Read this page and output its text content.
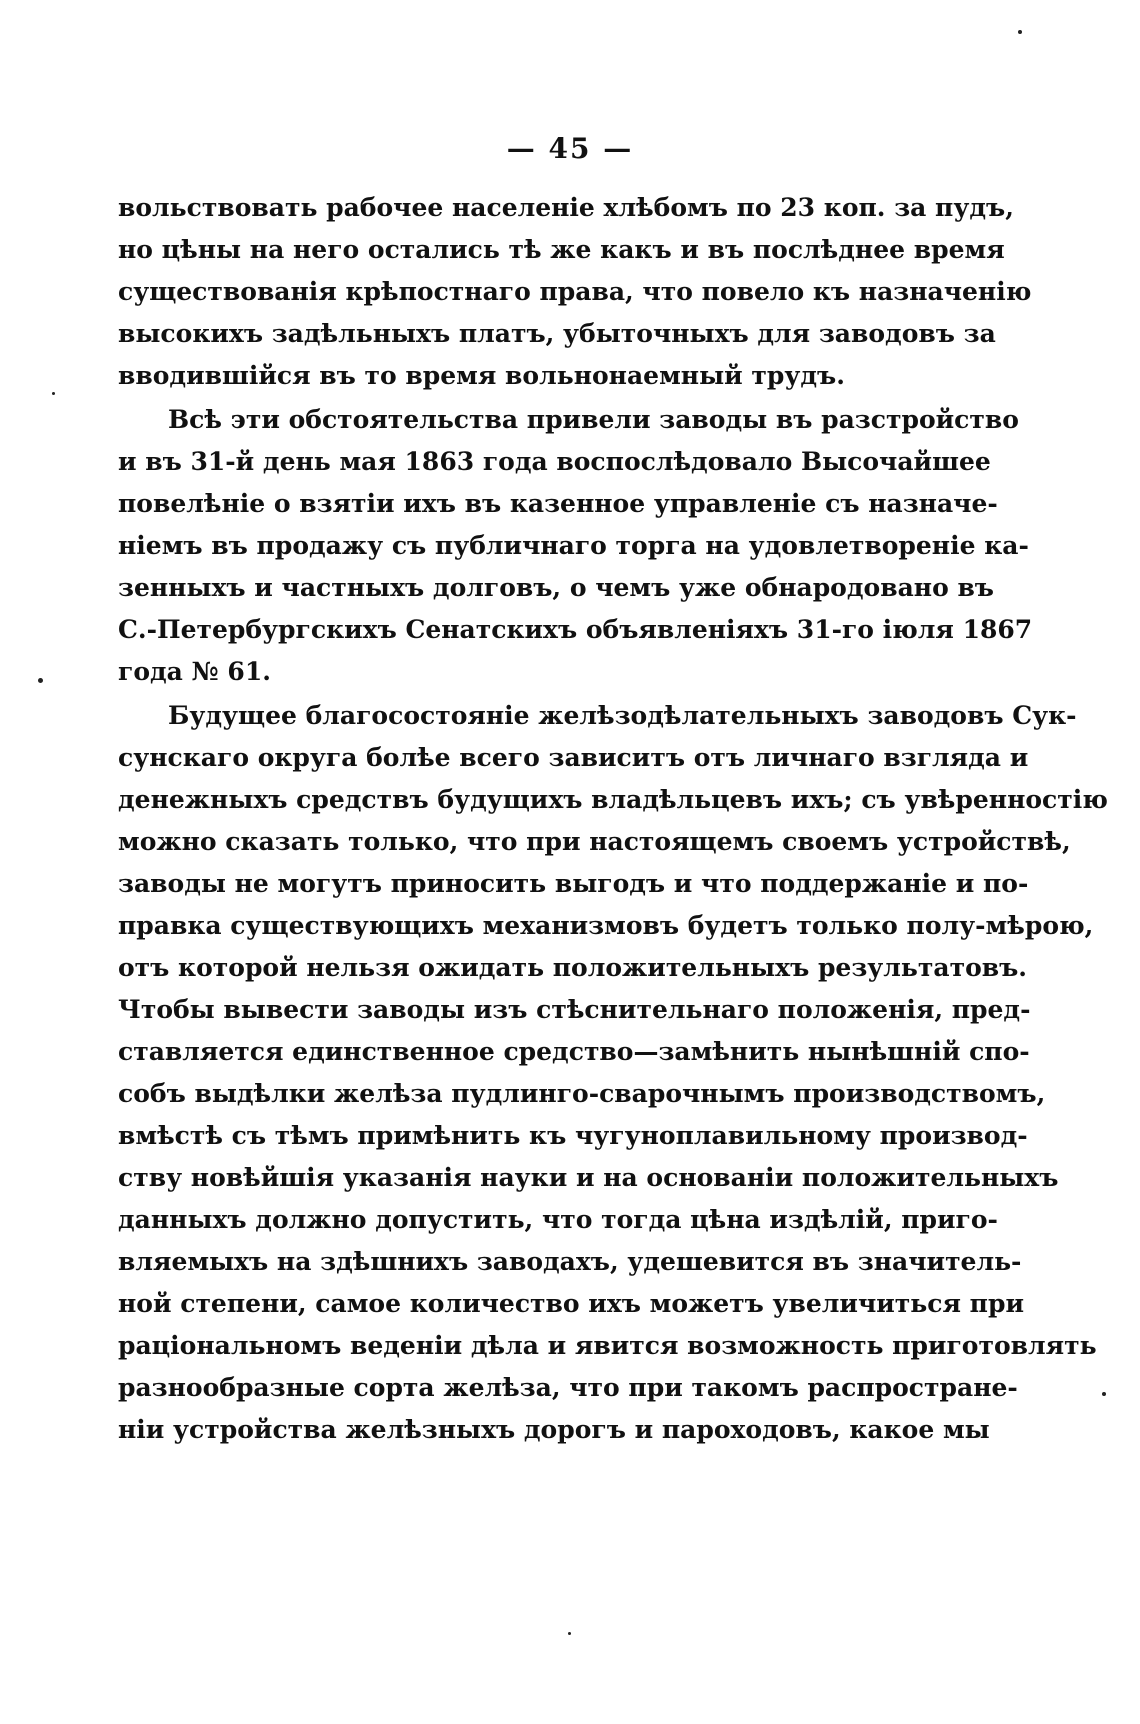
— 45 —
вольствовать рабочее населеніе хлѣбомъ по 23 коп. за пудъ,
но цѣны на него остались тѣ же какъ и въ послѣднее время
существованія крѣпостнаго права, что повело къ назначенію
высокихъ задѣльныхъ платъ, убыточныхъ для заводовъ за
вводившійся въ то время вольнонаемный трудъ.
Всѣ эти обстоятельства привели заводы въ разстройство
и въ 31-й день мая 1863 года воспослѣдовало Высочайшее
повелѣніе о взятіи ихъ въ казенное управленіе съ назначе-
ніемъ въ продажу съ публичнаго торга на удовлетвореніе ка-
зенныхъ и частныхъ долговъ, о чемъ уже обнародовано въ
С.-Петербургскихъ Сенатскихъ объявленіяхъ 31-го іюля 1867
года № 61.
Будущее благосостояніе желѣзодѣлательныхъ заводовъ Сук-
сунскаго округа болѣе всего зависитъ отъ личнаго взгляда и
денежныхъ средствъ будущихъ владѣльцевъ ихъ; съ увѣренностію
можно сказать только, что при настоящемъ своемъ устройствѣ,
заводы не могутъ приносить выгодъ и что поддержаніе и по-
правка существующихъ механизмовъ будетъ только полу-мѣрою,
отъ которой нельзя ожидать положительныхъ результатовъ.
Чтобы вывести заводы изъ стѣснительнаго положенія, пред-
ставляется единственное средство—замѣнить нынѣшній спо-
собъ выдѣлки желѣза пудлинго-сварочнымъ производствомъ,
вмѣстѣ съ тѣмъ примѣнить къ чугуноплавильному производ-
ству новѣйшія указанія науки и на основаніи положительныхъ
данныхъ должно допустить, что тогда цѣна издѣлій, приго-
вляемыхъ на здѣшнихъ заводахъ, удешевится въ значитель-
ной степени, самое количество ихъ можетъ увеличиться при
раціональномъ веденіи дѣла и явится возможность приготовлять
разнообразные сорта желѣза, что при такомъ распростране-
ніи устройства желѣзныхъ дорогъ и пароходовъ, какое мы
